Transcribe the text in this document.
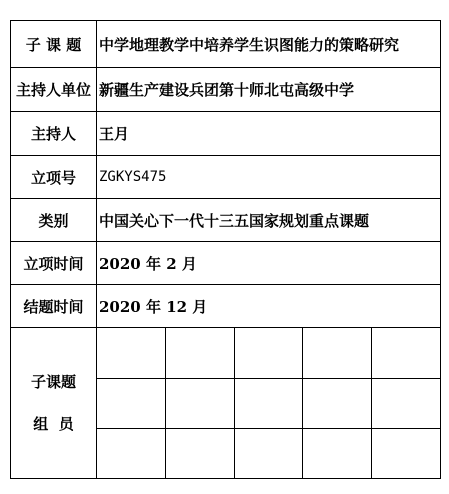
子 课 题	中学地理教学中培养学生识图能力的策略研究
主持人单位	新疆生产建设兵团第十师北屯高级中学
主持人	王月
立项号	ZGKYS475
类别	中国关心下一代十三五国家规划重点课题
立项时间	2020 年 2 月
结题时间	2020 年 12 月

子课题
组  员
